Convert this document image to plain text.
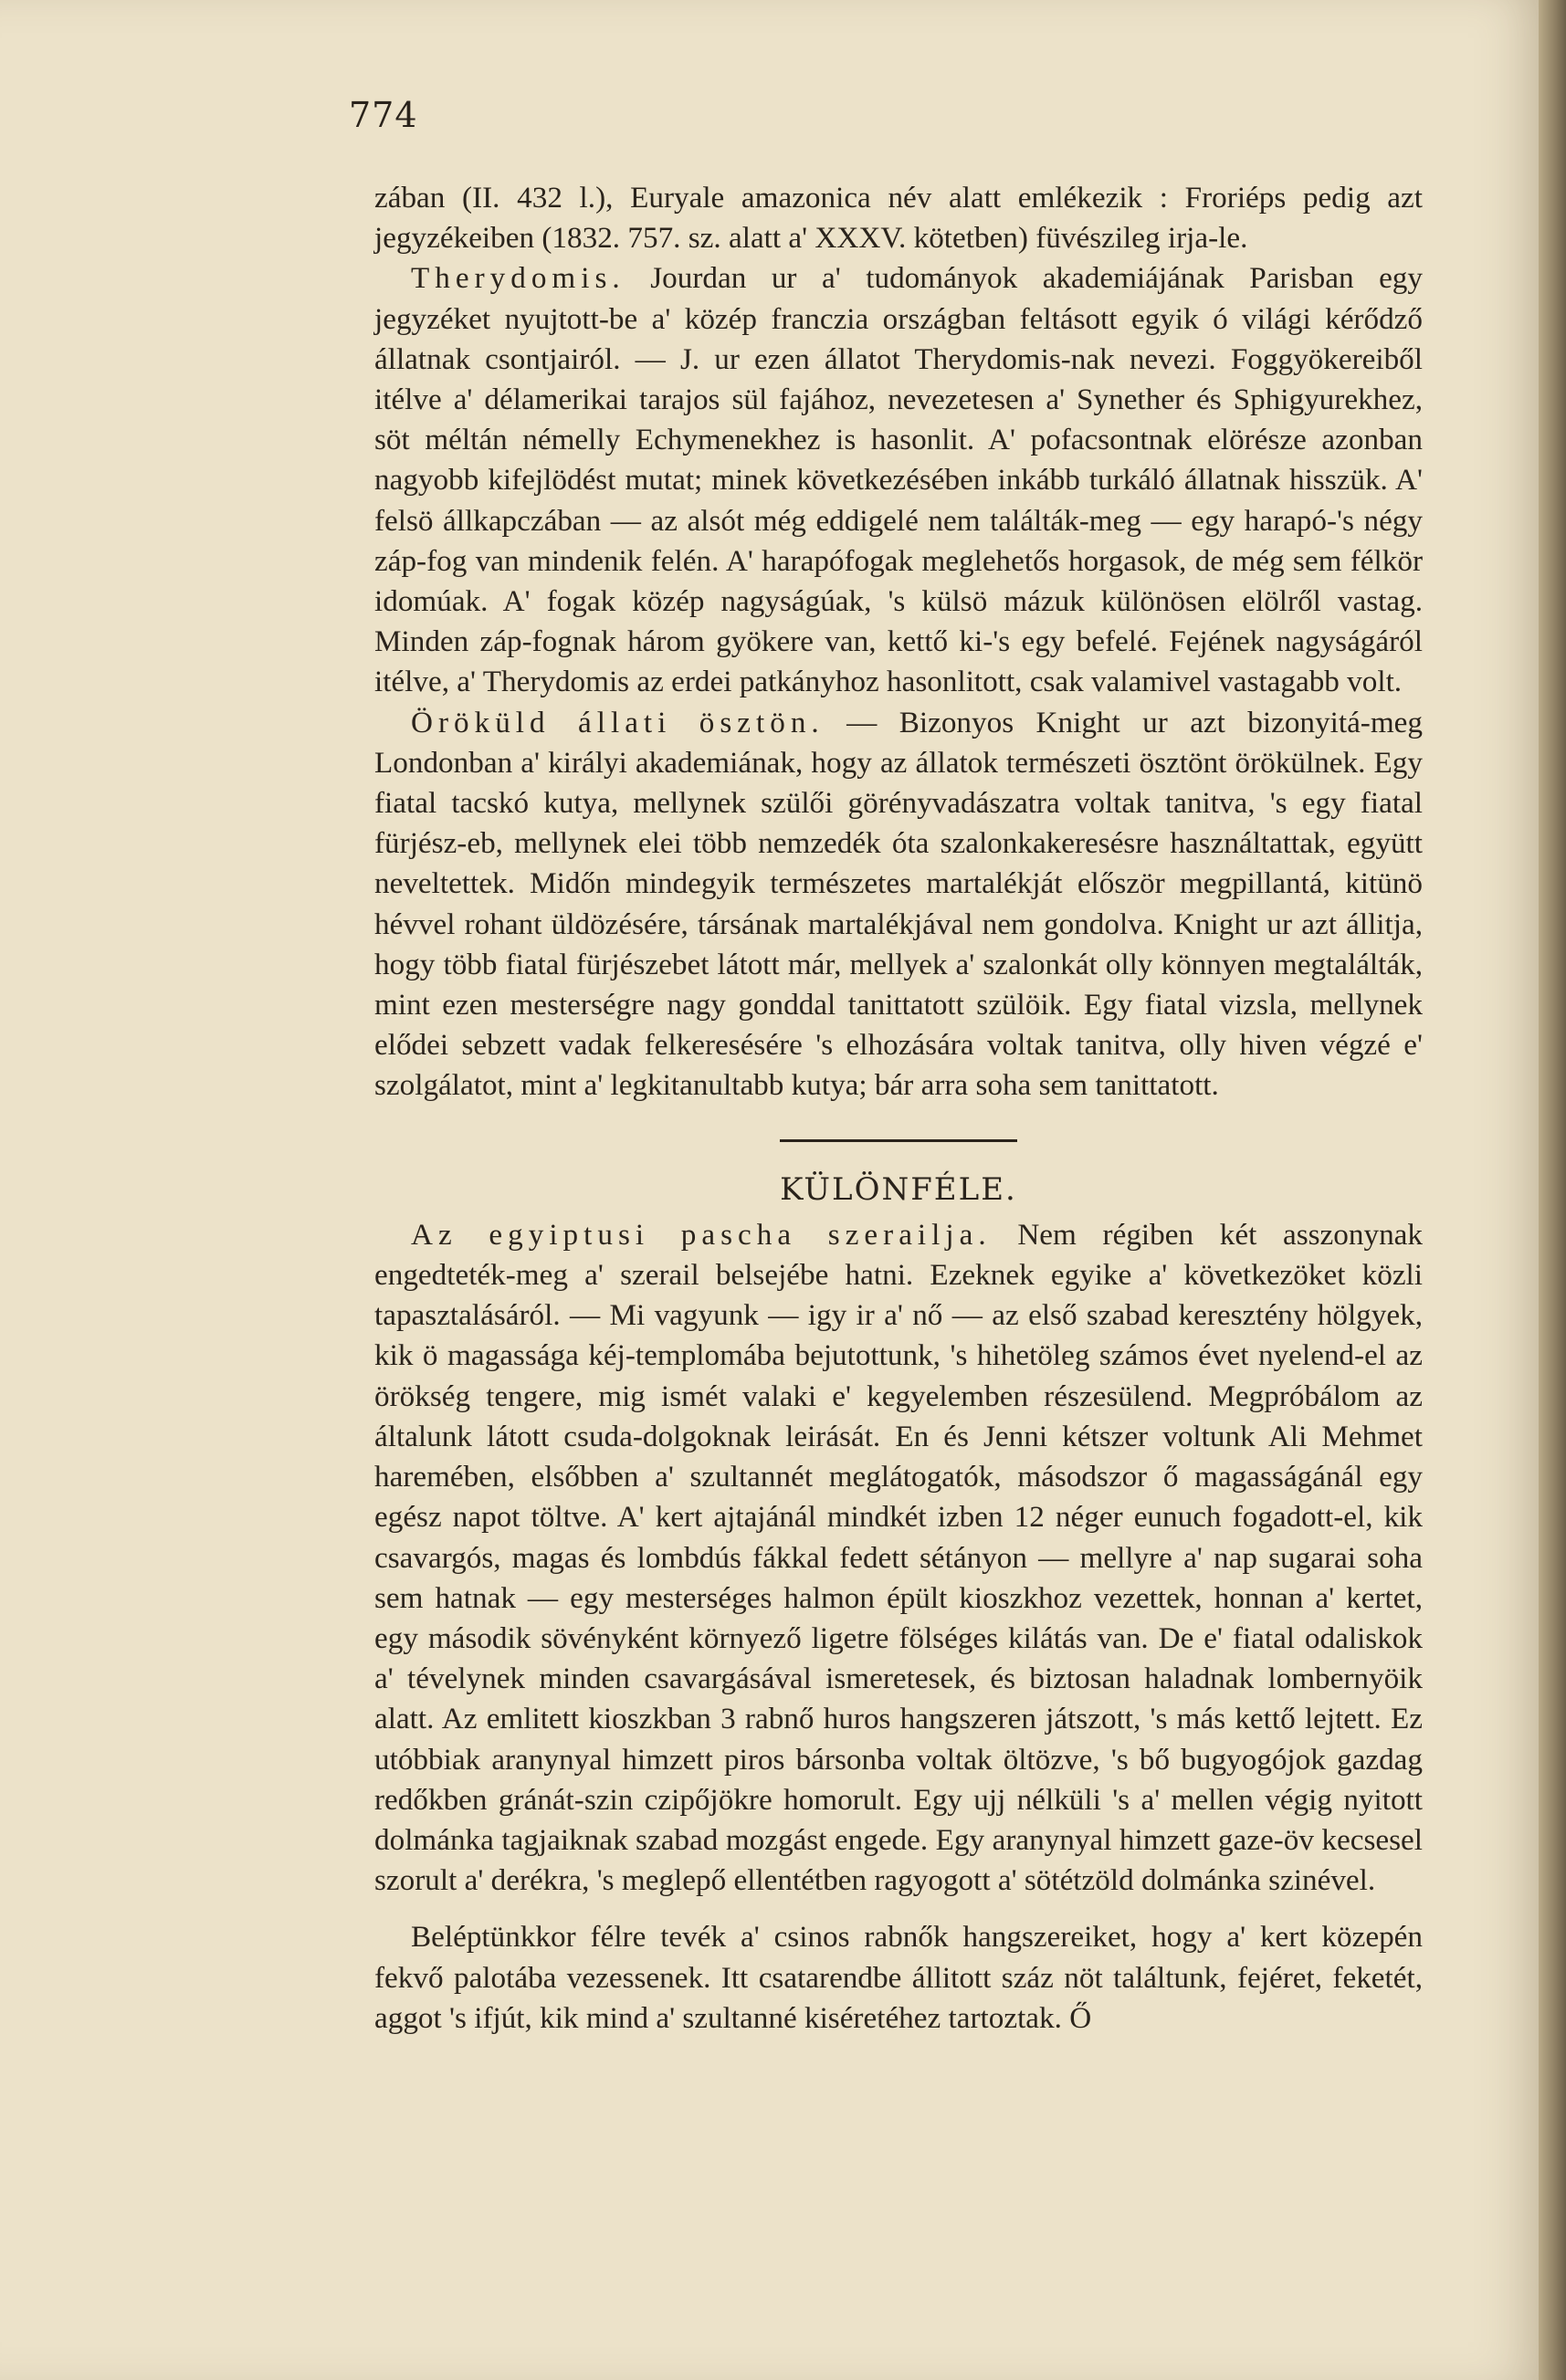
774

zában (II. 432 l.), Euryale amazonica név alatt emlékezik : Froriéps pedig azt jegyzékeiben (1832. 757. sz. alatt a' XXXV. kötetben) füvészileg irja-le.

Therydomis. Jourdan ur a' tudományok akademiájának Parisban egy jegyzéket nyujtott-be a' közép franczia országban feltásott egyik ó világi kérődző állatnak csontjairól. — J. ur ezen állatot Therydomis-nak nevezi. Foggyökereiből itélve a' délamerikai tarajos sül fajához, nevezetesen a' Synether és Sphigyurekhez, söt méltán némelly Echymenekhez is hasonlit. A' pofacsontnak elörésze azonban nagyobb kifejlödést mutat; minek következésében inkább turkáló állatnak hisszük. A' felsö állkapczában — az alsót még eddigelé nem találták-meg — egy harapó-'s négy záp-fog van mindenik felén. A' harapófogak meglehetős horgasok, de még sem félkör idomúak. A' fogak közép nagyságúak, 's külsö mázuk különösen elölről vastag. Minden záp-fognak három gyökere van, kettő ki-'s egy befelé. Fejének nagyságáról itélve, a' Therydomis az erdei patkányhoz hasonlitott, csak valamivel vastagabb volt.

Öröküld állati ösztön. — Bizonyos Knight ur azt bizonyitá-meg Londonban a' királyi akademiának, hogy az állatok természeti ösztönt örökülnek. Egy fiatal tacskó kutya, mellynek szülői görényvadászatra voltak tanitva, 's egy fiatal fürjész-eb, mellynek elei több nemzedék óta szalonkakeresésre használtattak, együtt neveltettek. Midőn mindegyik természetes martalékját először megpillantá, kitünö hévvel rohant üldözésére, társának martalékjával nem gondolva. Knight ur azt állitja, hogy több fiatal fürjészebet látott már, mellyek a' szalonkát olly könnyen megtalálták, mint ezen mesterségre nagy gonddal tanittatott szülöik. Egy fiatal vizsla, mellynek elődei sebzett vadak felkeresésére 's elhozására voltak tanitva, olly hiven végzé e' szolgálatot, mint a' legkitanultabb kutya; bár arra soha sem tanittatott.

KÜLÖNFÉLE.

Az egyiptusi pascha szerailja. Nem régiben két asszonynak engedteték-meg a' szerail belsejébe hatni. Ezeknek egyike a' következöket közli tapasztalásáról. — Mi vagyunk — igy ir a' nő — az első szabad keresztény hölgyek, kik ö magassága kéj-templomába bejutottunk, 's hihetöleg számos évet nyelend-el az örökség tengere, mig ismét valaki e' kegyelemben részesülend. Megpróbálom az általunk látott csuda-dolgoknak leirását. En és Jenni kétszer voltunk Ali Mehmet haremében, elsőbben a' szultannét meglátogatók, másodszor ő magasságánál egy egész napot töltve. A' kert ajtajánál mindkét izben 12 néger eunuch fogadott-el, kik csavargós, magas és lombdús fákkal fedett sétányon — mellyre a' nap sugarai soha sem hatnak — egy mesterséges halmon épült kioszkhoz vezettek, honnan a' kertet, egy második sövényként környező ligetre fölséges kilátás van. De e' fiatal odaliskok a' tévelynek minden csavargásával ismeretesek, és biztosan haladnak lombernyöik alatt. Az emlitett kioszkban 3 rabnő huros hangszeren játszott, 's más kettő lejtett. Ez utóbbiak aranynyal himzett piros bársonba voltak öltözve, 's bő bugyogójok gazdag redőkben gránát-szin czipőjökre homorult. Egy ujj nélküli 's a' mellen végig nyitott dolmánka tagjaiknak szabad mozgást engede. Egy aranynyal himzett gaze-öv kecsesel szorult a' derékra, 's meglepő ellentétben ragyogott a' sötétzöld dolmánka szinével.

Beléptünkkor félre tevék a' csinos rabnők hangszereiket, hogy a' kert közepén fekvő palotába vezessenek. Itt csatarendbe állitott száz nöt találtunk, fejéret, feketét, aggot 's ifjút, kik mind a' szultanné kiséretéhez tartoztak. Ő
